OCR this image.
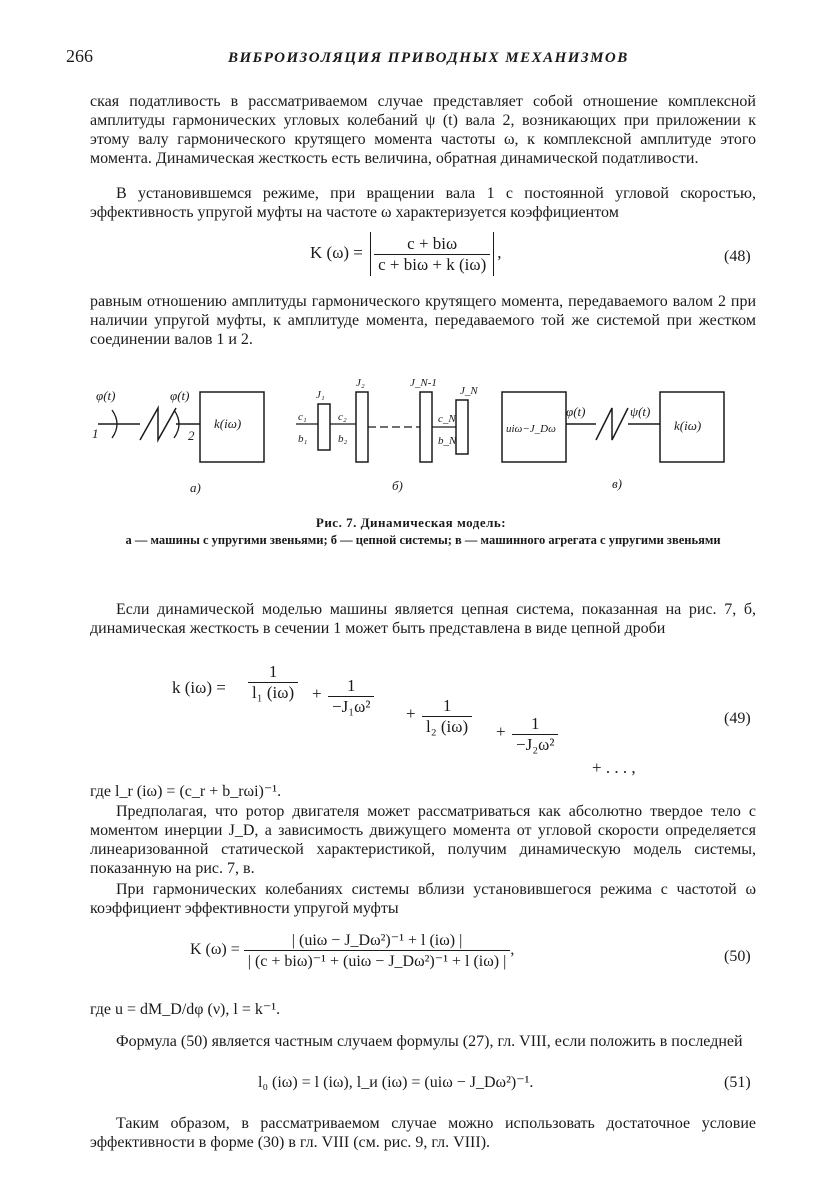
266	ВИБРОИЗОЛЯЦИЯ ПРИВОДНЫХ МЕХАНИЗМОВ

ская податливость в рассматриваемом случае представляет собой отношение комплексной амплитуды гармонических угловых колебаний ψ (t) вала 2, возникающих при приложении к этому валу гармонического крутящего момента частоты ω, к комплексной амплитуде этого момента. Динамическая жесткость есть величина, обратная динамической податливости.

В установившемся режиме, при вращении вала 1 с постоянной угловой скоростью, эффективность упругой муфты на частоте ω характеризуется коэффициентом

K $(\omega) = \frac{\text{c + biω}}{\text{c + biω + k (iω)}}$ ,	(48)

равным отношению амплитуды гармонического крутящего момента, передаваемого валом 2 при наличии упругой муфты, к амплитуде момента, передаваемого той же системой при жестком соединении валов 1 и 2.

φ(t)	φ(t)
1	2
k(iω)
а)
J₁
J₂	J_N-1
J_N
c₁
b₁
c₂
b₂
c_N
b_N
б)
uiω−J_Dω
φ(t)	ψ(t)
k(iω)
в)
Рис. 7. Динамическая модель:
а — машины с упругими звеньями; б — цепной системы; в — машинного агрегата с упругими звеньями

Если динамической моделью машины является цепная система, показанная на рис. 7, б, динамическая жесткость в сечении 1 может быть представлена в виде цепной дроби

k $(i\omega) = \frac{1}{\text{l₁ (iω)}} + \frac{1}{\text{−J₁ω²}} + \frac{1}{\text{l₂ (iω)}} + \frac{1}{\text{−J₂ω²}}$
+ . . . ,
(49)

где l_r (iω) = (c_r + b_rωi)⁻¹.

Предполагая, что ротор двигателя может рассматриваться как абсолютно твердое тело с моментом инерции J_D, а зависимость движущего момента от угловой скорости определяется линеаризованной статической характеристикой, получим динамическую модель системы, показанную на рис. 7, в.

При гармонических колебаниях системы вблизи установившегося режима с частотой ω коэффициент эффективности упругой муфты

K $(\omega) = \frac{\text{| (uiω − J\_Dω²)⁻¹ + l (iω) |}}{\text{| (c + biω)⁻¹ + (uiω − J\_Dω²)⁻¹ + l (iω) |}}$ ,	(50)

где u = dM_D/dφ (ν), l = k⁻¹.

Формула (50) является частным случаем формулы (27), гл. VIII, если положить в последней

l₀ (iω) = l (iω), l_и (iω) = (uiω − J_Dω²)⁻¹.	(51)

Таким образом, в рассматриваемом случае можно использовать достаточное условие эффективности в форме (30) в гл. VIII (см. рис. 9, гл. VIII).
